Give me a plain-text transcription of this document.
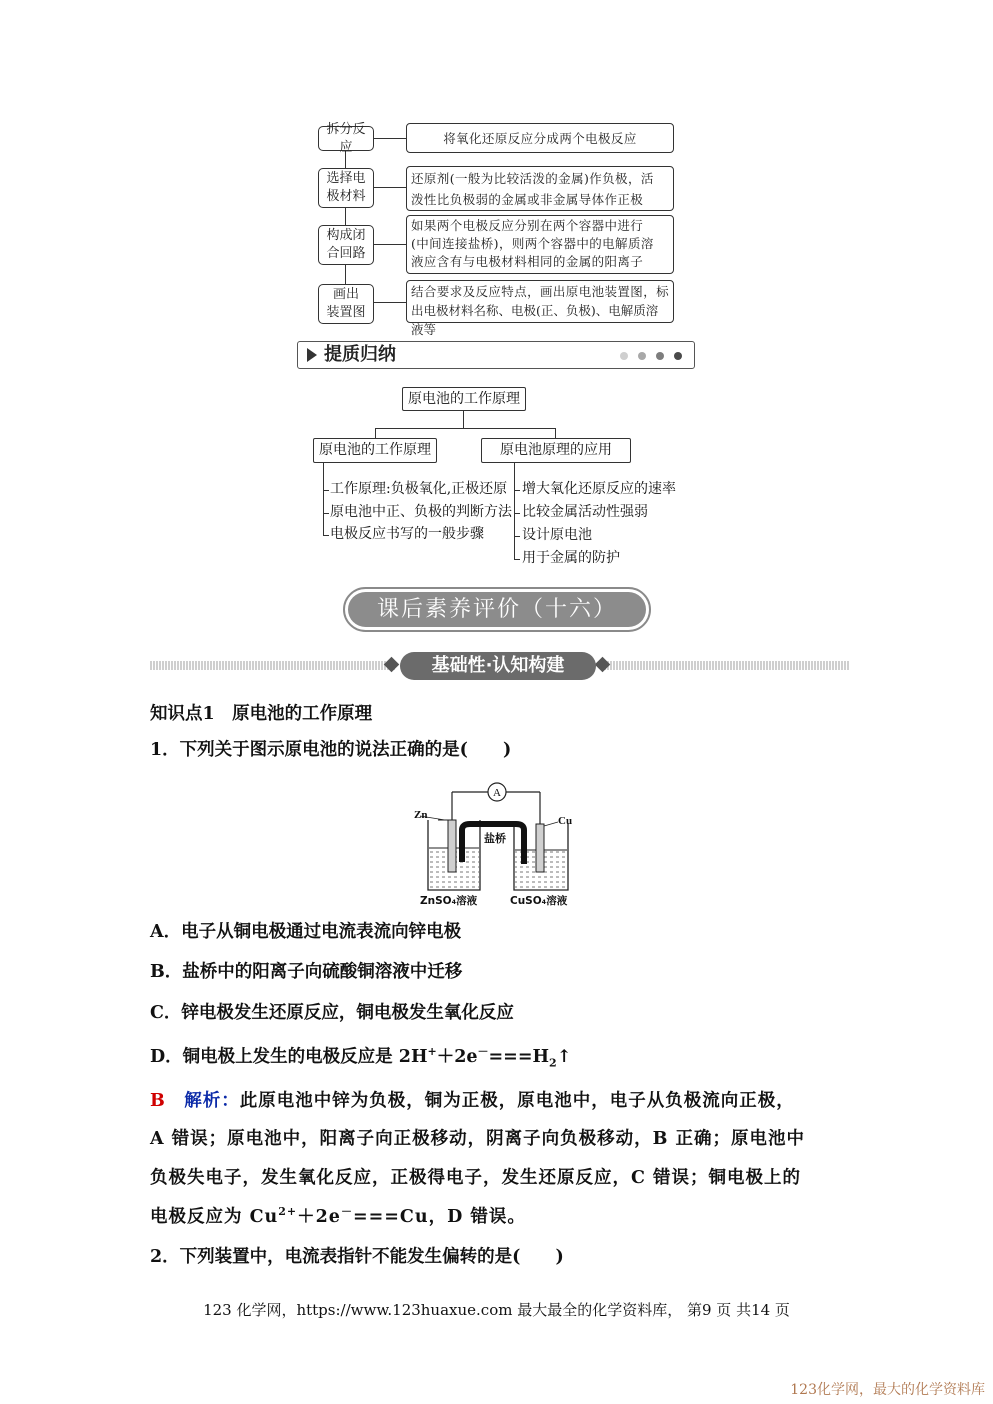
拆分反应
将氧化还原反应分成两个电极反应
选择电
极材料
还原剂(一般为比较活泼的金属)作负极，活
泼性比负极弱的金属或非金属导体作正极
构成闭
合回路
如果两个电极反应分别在两个容器中进行
(中间连接盐桥)，则两个容器中的电解质溶
液应含有与电极材料相同的金属的阳离子
画出
装置图
结合要求及反应特点，画出原电池装置图，标
出电极材料名称、电极(正、负极)、电解质溶液等
提质归纳
原电池的工作原理
原电池的工作原理	原电池原理的应用
工作原理:负极氧化,正极还原
原电池中正、负极的判断方法
电极反应书写的一般步骤
增大氧化还原反应的速率
比较金属活动性强弱
设计原电池
用于金属的防护
课后素养评价（十六）
基础性·认知构建
知识点1　原电池的工作原理
1．下列关于图示原电池的说法正确的是(　　)
A
Zn	Cu
盐桥
ZnSO₄溶液	CuSO₄溶液
A．电子从铜电极通过电流表流向锌电极
B．盐桥中的阳离子向硫酸铜溶液中迁移
C．锌电极发生还原反应，铜电极发生氧化反应
D．铜电极上发生的电极反应是 $2H^++2e^-===H_2↑$
B　 解析：此原电池中锌为负极，铜为正极，原电池中，电子从负极流向正极，
A 错误；原电池中，阳离子向正极移动，阴离子向负极移动，B 正确；原电池中
负极失电子，发生氧化反应，正极得电子，发生还原反应，C 错误；铜电极上的
电极反应为 $Cu^{2+}+2e^-===Cu$，D 错误。
2．下列装置中，电流表指针不能发生偏转的是(　　)
123 化学网，https://www.123huaxue.com 最大最全的化学资料库， 第9 页 共14 页
123化学网，最大的化学资料库
